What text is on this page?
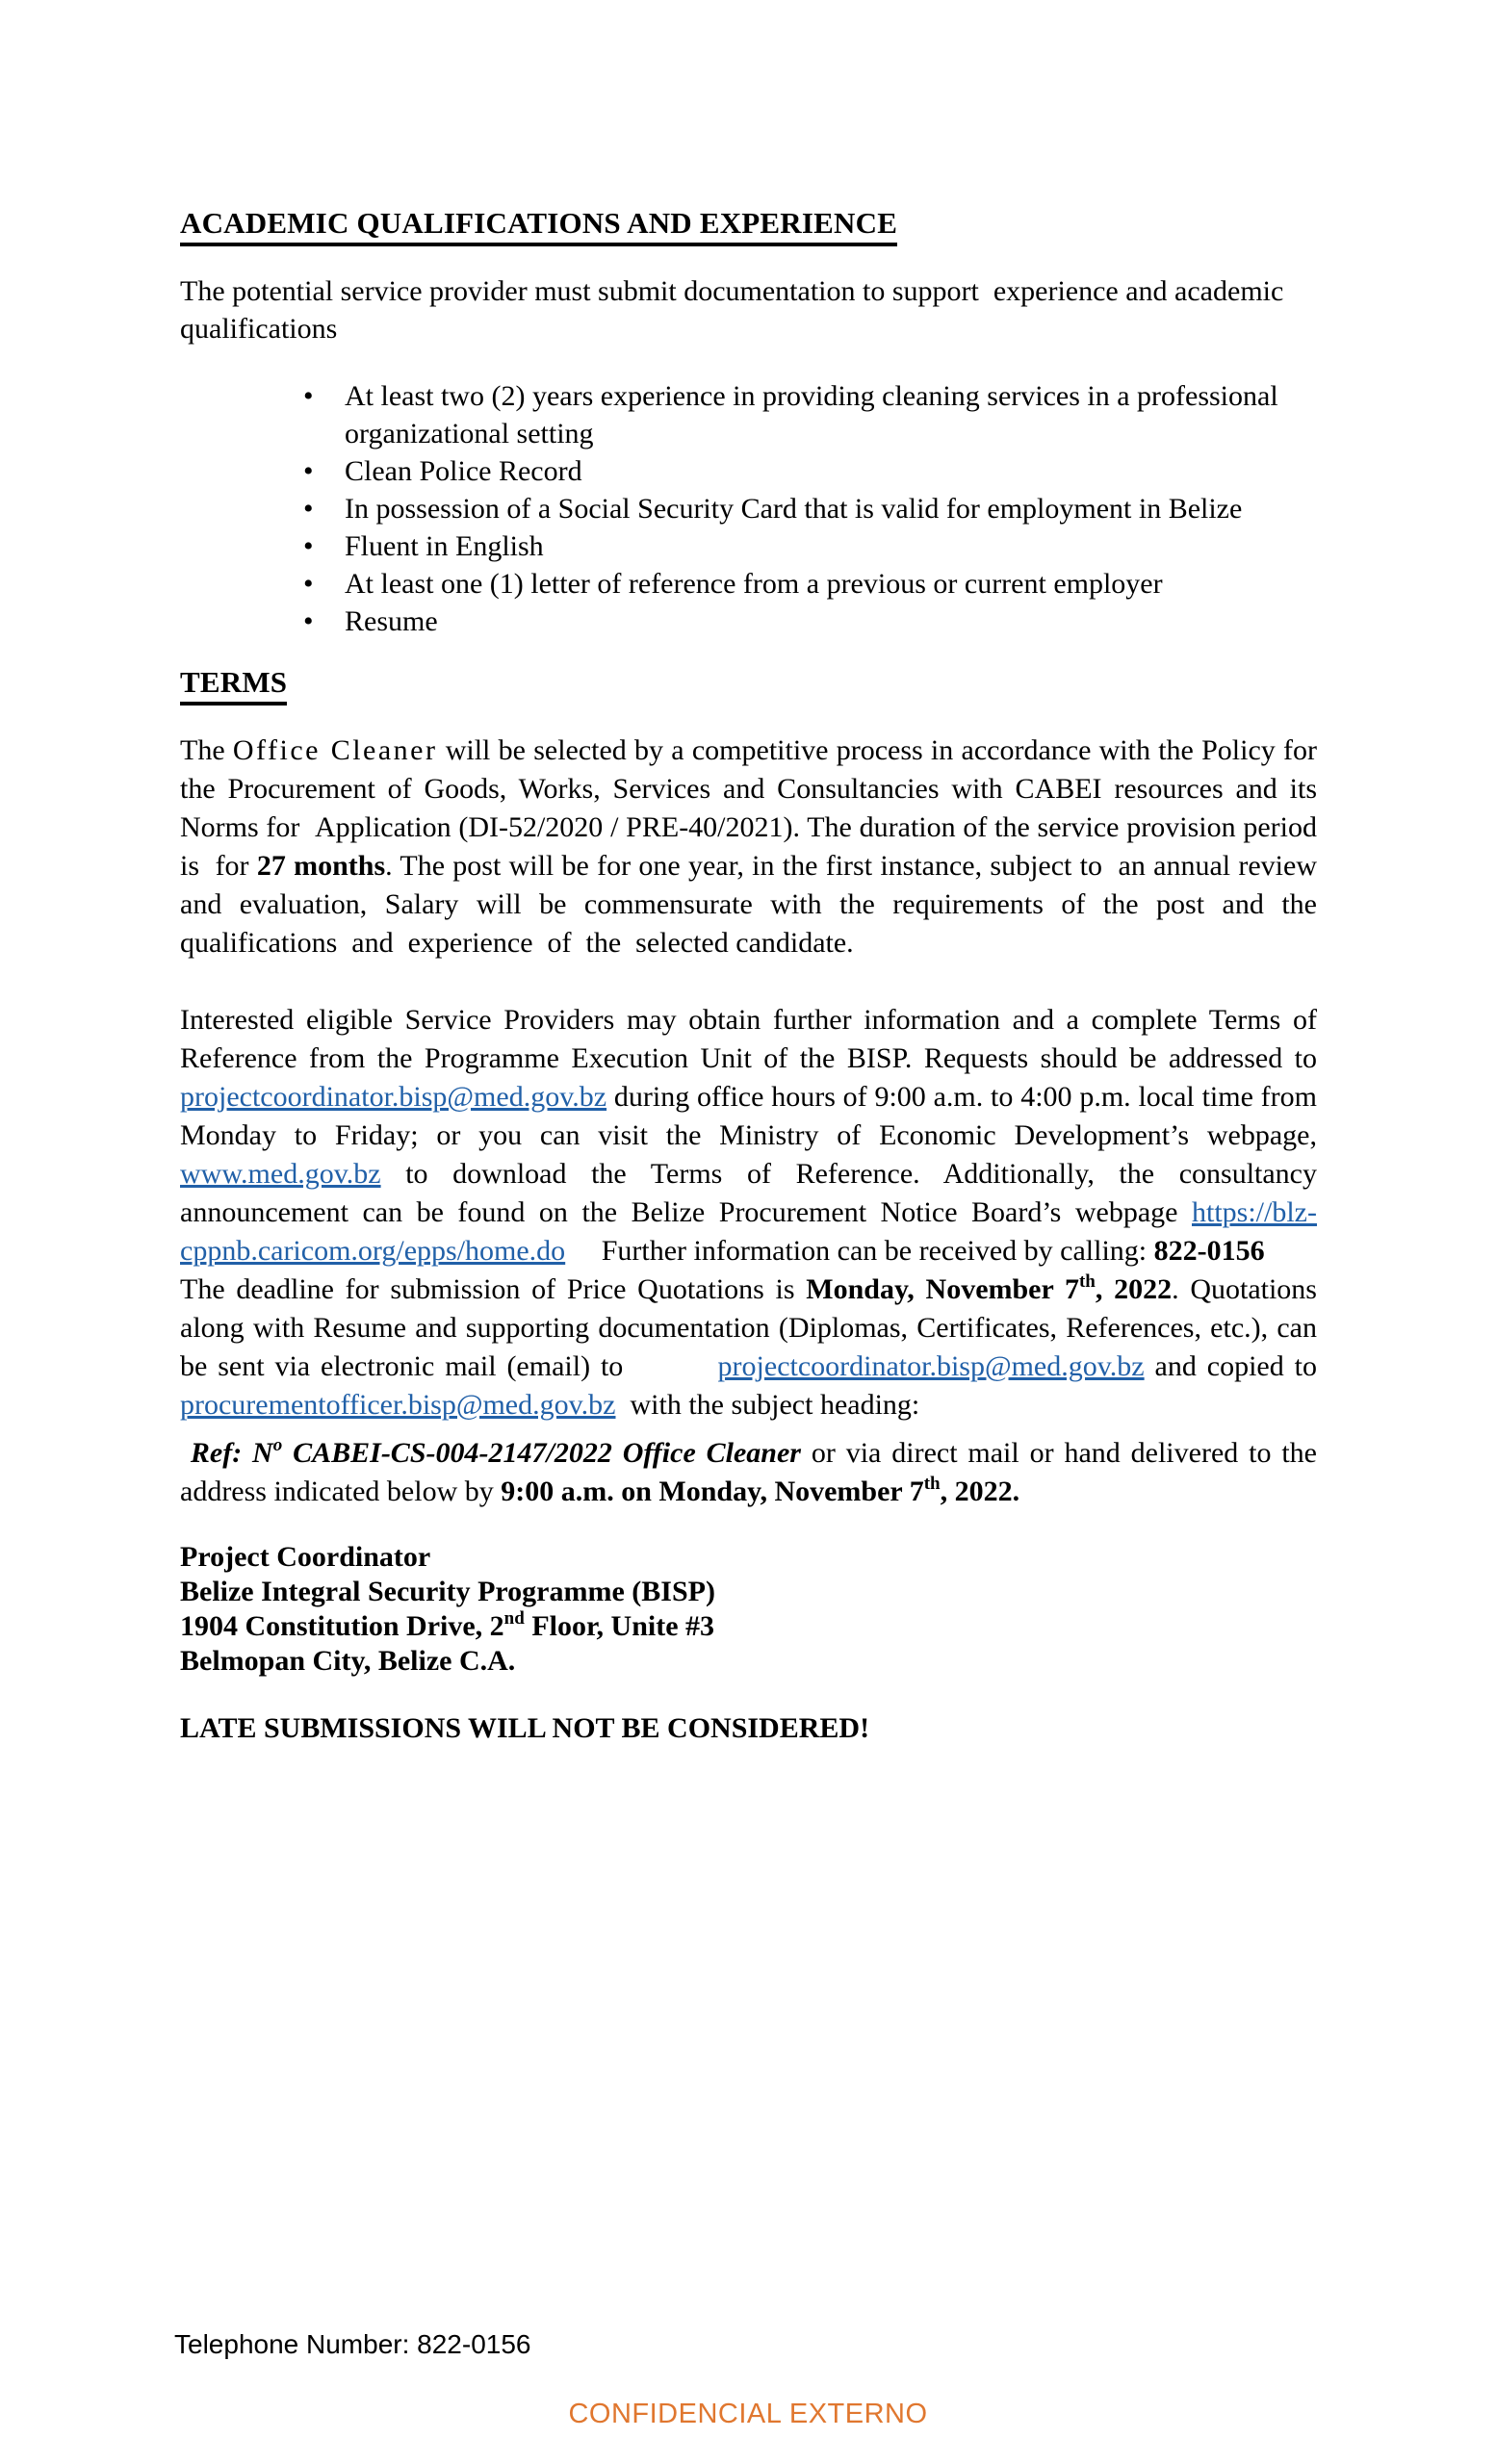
ACADEMIC QUALIFICATIONS AND EXPERIENCE
The potential service provider must submit documentation to support  experience and academic
qualifications
• At least two (2) years experience in providing cleaning services in a professional
organizational setting
• Clean Police Record
• In possession of a Social Security Card that is valid for employment in Belize
• Fluent in English
• At least one (1) letter of reference from a previous or current employer
• Resume
TERMS
The Office Cleaner will be selected by a competitive process in accordance with the Policy for the Procurement of Goods, Works, Services and Consultancies with CABEI resources and its Norms for  Application (DI-52/2020 / PRE-40/2021). The duration of the service provision period is  for 27 months. The post will be for one year, in the first instance, subject to  an annual review and evaluation, Salary will be commensurate with the requirements of the post and the qualifications  and  experience  of  the  selected candidate.
Interested eligible Service Providers may obtain further information and a complete Terms of Reference from the Programme Execution Unit of the BISP. Requests should be addressed to projectcoordinator.bisp@med.gov.bz during office hours of 9:00 a.m. to 4:00 p.m. local time from Monday to Friday; or you can visit the Ministry of Economic Development’s webpage, www.med.gov.bz to download the Terms of Reference. Additionally, the consultancy announcement can be found on the Belize Procurement Notice Board’s webpage https://blz-cppnb.caricom.org/epps/home.do     Further information can be received by calling: 822-0156
The deadline for submission of Price Quotations is Monday, November 7th, 2022. Quotations along with Resume and supporting documentation (Diplomas, Certificates, References, etc.), can be sent via electronic mail (email) to         projectcoordinator.bisp@med.gov.bz and copied to procurementofficer.bisp@med.gov.bz  with the subject heading:
Ref: $N^o$ CABEI-CS-004-2147/2022 Office Cleaner or via direct mail or hand delivered to the address indicated below by 9:00 a.m. on Monday, November 7th, 2022.
Project Coordinator
Belize Integral Security Programme (BISP)
1904 Constitution Drive, 2nd Floor, Unite #3
Belmopan City, Belize C.A.
LATE SUBMISSIONS WILL NOT BE CONSIDERED!
Telephone Number: 822-0156
CONFIDENCIAL EXTERNO
